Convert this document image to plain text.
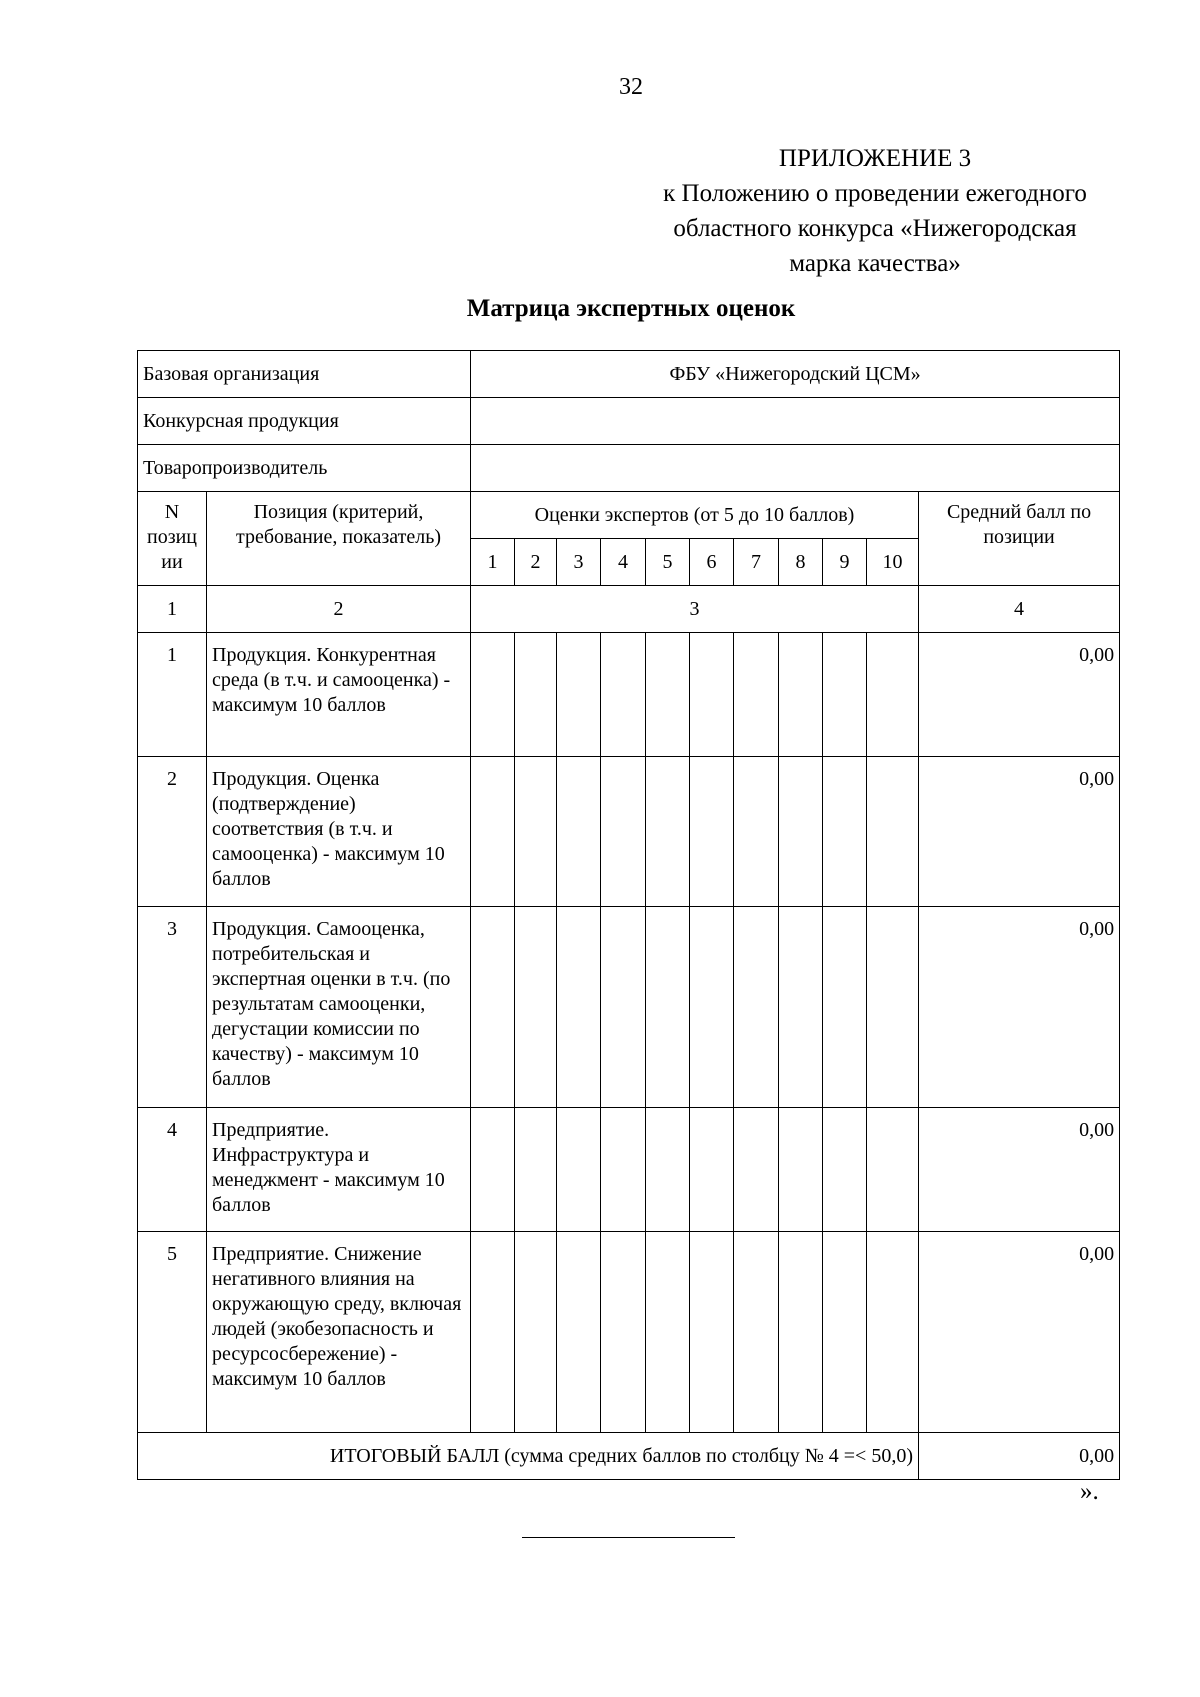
32
ПРИЛОЖЕНИЕ 3
к Положению о проведении ежегодного
областного конкурса «Нижегородская
марка качества»
Матрица экспертных оценок
Базовая организация		ФБУ «Нижегородский ЦСМ»										
Конкурсная продукция												
Товаропроизводитель												
N позиц ии	Позиция (критерий, требование, показатель)	Оценки экспертов (от 5 до 10 баллов)										Средний балл по позиции
		1	2	3	4	5	6	7	8	9	10	
1	2	3										4
1	Продукция. Конкурентная среда (в т.ч. и самооценка) - максимум 10 баллов											0,00
2	Продукция. Оценка (подтверждение) соответствия (в т.ч. и самооценка) - максимум 10 баллов											0,00
3	Продукция. Самооценка, потребительская и экспертная оценки в т.ч. (по результатам самооценки, дегустации комиссии по качеству) - максимум 10 баллов											0,00
4	Предприятие. Инфраструктура и менеджмент - максимум 10 баллов											0,00
5	Предприятие. Снижение негативного влияния на окружающую среду, включая людей (экобезопасность и ресурсосбережение) - максимум 10 баллов											0,00
ИТОГОВЫЙ БАЛЛ (сумма средних баллов по столбцу № 4 =< 50,0)												0,00
».
